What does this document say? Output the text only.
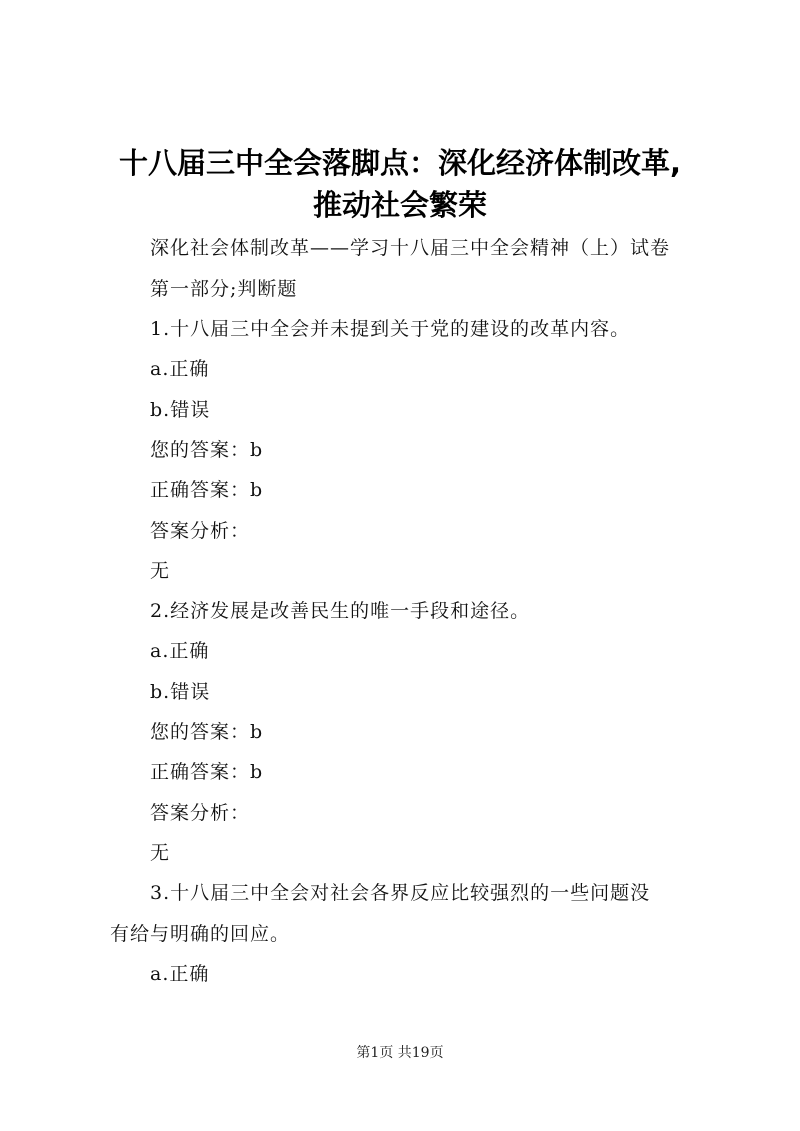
十八届三中全会落脚点：深化经济体制改革,
推动社会繁荣

深化社会体制改革——学习十八届三中全会精神（上）试卷

第一部分;判断题

1.十八届三中全会并未提到关于党的建设的改革内容。

a.正确

b.错误

您的答案：b

正确答案：b

答案分析：

无

2.经济发展是改善民生的唯一手段和途径。

a.正确

b.错误

您的答案：b

正确答案：b

答案分析：

无

3.十八届三中全会对社会各界反应比较强烈的一些问题没

有给与明确的回应。

a.正确

第1页 共19页
